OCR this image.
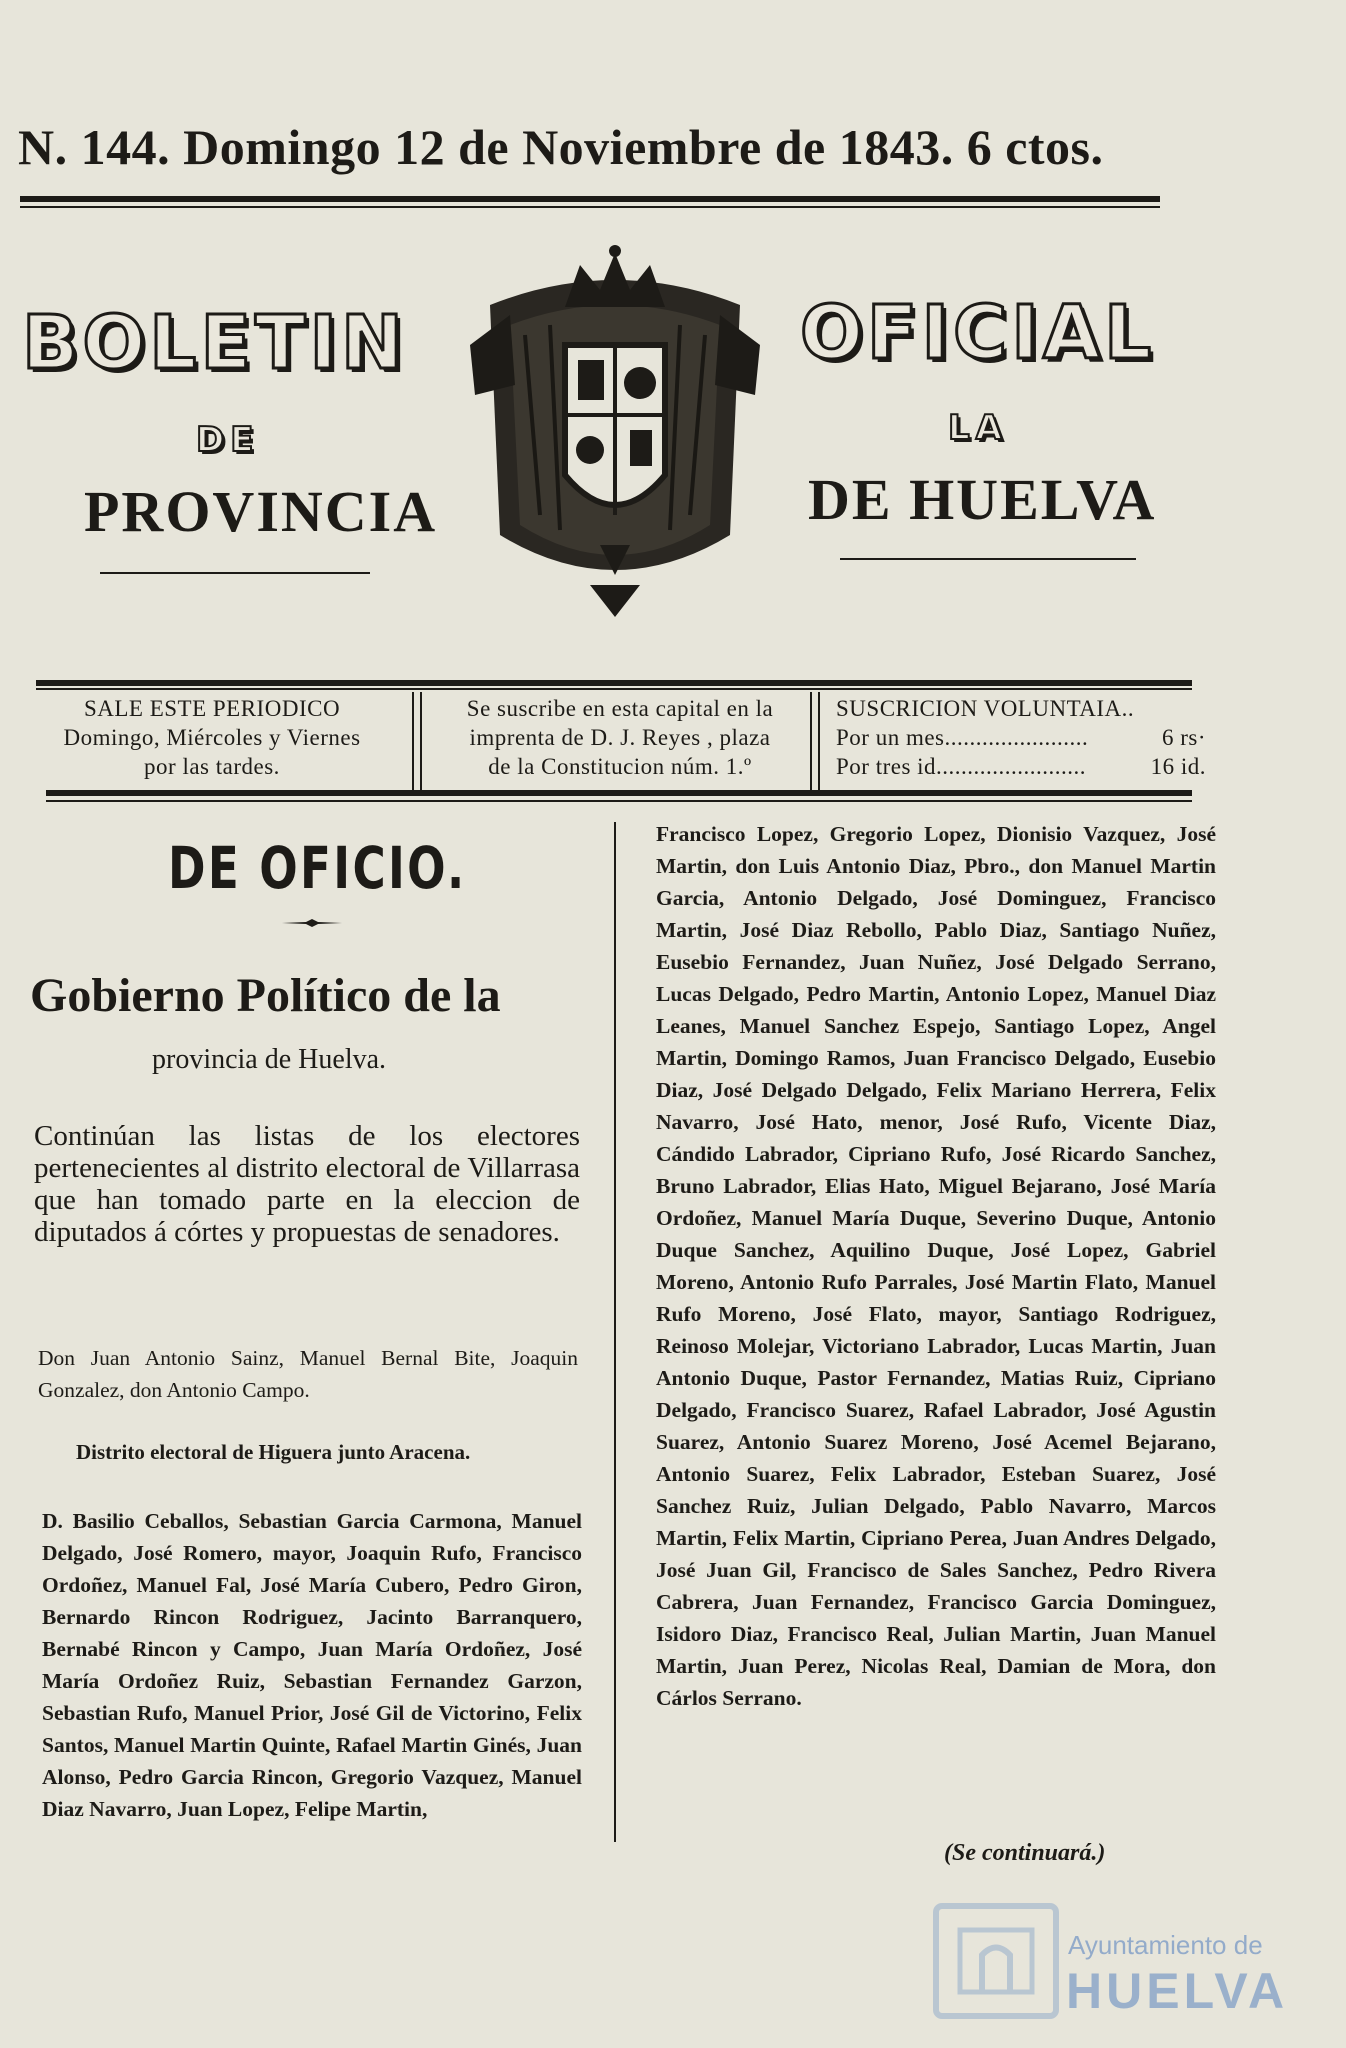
N. 144. Domingo 12 de Noviembre de 1843. 6 ctos.
BOLETIN	OFICIAL
DE	LA
PROVINCIA	DE HUELVA
SALE ESTE PERIODICO
Domingo, Miércoles y Viernes
por las tardes.
Se suscribe en esta capital en la
imprenta de D. J. Reyes , plaza
de la Constitucion núm. 1.º
SUSCRICION VOLUNTAIA..
Por un mes.......................	6 rs·
Por tres id........................	16 id.
DE OFICIO.
Gobierno Político de la
provincia de Huelva.
Continúan las listas de los electores pertenecientes al distrito electoral de Villarrasa que han tomado parte en la eleccion de diputados á córtes y propuestas de senadores.
Don Juan Antonio Sainz, Manuel Bernal Bite, Joaquin Gonzalez, don Antonio Campo.
Distrito electoral de Higuera junto Aracena.
D. Basilio Ceballos, Sebastian Garcia Carmona, Manuel Delgado, José Romero, mayor, Joaquin Rufo, Francisco Ordoñez, Manuel Fal, José María Cubero, Pedro Giron, Bernardo Rincon Rodriguez, Jacinto Barranquero, Bernabé Rincon y Campo, Juan María Ordoñez, José María Ordoñez Ruiz, Sebastian Fernandez Garzon, Sebastian Rufo, Manuel Prior, José Gil de Victorino, Felix Santos, Manuel Martin Quinte, Rafael Martin Ginés, Juan Alonso, Pedro Garcia Rincon, Gregorio Vazquez, Manuel Diaz Navarro, Juan Lopez, Felipe Martin,
Francisco Lopez, Gregorio Lopez, Dionisio Vazquez, José Martin, don Luis Antonio Diaz, Pbro., don Manuel Martin Garcia, Antonio Delgado, José Dominguez, Francisco Martin, José Diaz Rebollo, Pablo Diaz, Santiago Nuñez, Eusebio Fernandez, Juan Nuñez, José Delgado Serrano, Lucas Delgado, Pedro Martin, Antonio Lopez, Manuel Diaz Leanes, Manuel Sanchez Espejo, Santiago Lopez, Angel Martin, Domingo Ramos, Juan Francisco Delgado, Eusebio Diaz, José Delgado Delgado, Felix Mariano Herrera, Felix Navarro, José Hato, menor, José Rufo, Vicente Diaz, Cándido Labrador, Cipriano Rufo, José Ricardo Sanchez, Bruno Labrador, Elias Hato, Miguel Bejarano, José María Ordoñez, Manuel María Duque, Severino Duque, Antonio Duque Sanchez, Aquilino Duque, José Lopez, Gabriel Moreno, Antonio Rufo Parrales, José Martin Flato, Manuel Rufo Moreno, José Flato, mayor, Santiago Rodriguez, Reinoso Molejar, Victoriano Labrador, Lucas Martin, Juan Antonio Duque, Pastor Fernandez, Matias Ruiz, Cipriano Delgado, Francisco Suarez, Rafael Labrador, José Agustin Suarez, Antonio Suarez Moreno, José Acemel Bejarano, Antonio Suarez, Felix Labrador, Esteban Suarez, José Sanchez Ruiz, Julian Delgado, Pablo Navarro, Marcos Martin, Felix Martin, Cipriano Perea, Juan Andres Delgado, José Juan Gil, Francisco de Sales Sanchez, Pedro Rivera Cabrera, Juan Fernandez, Francisco Garcia Dominguez, Isidoro Diaz, Francisco Real, Julian Martin, Juan Manuel Martin, Juan Perez, Nicolas Real, Damian de Mora, don Cárlos Serrano.
(Se continuará.)
Ayuntamiento de
HUELVA
